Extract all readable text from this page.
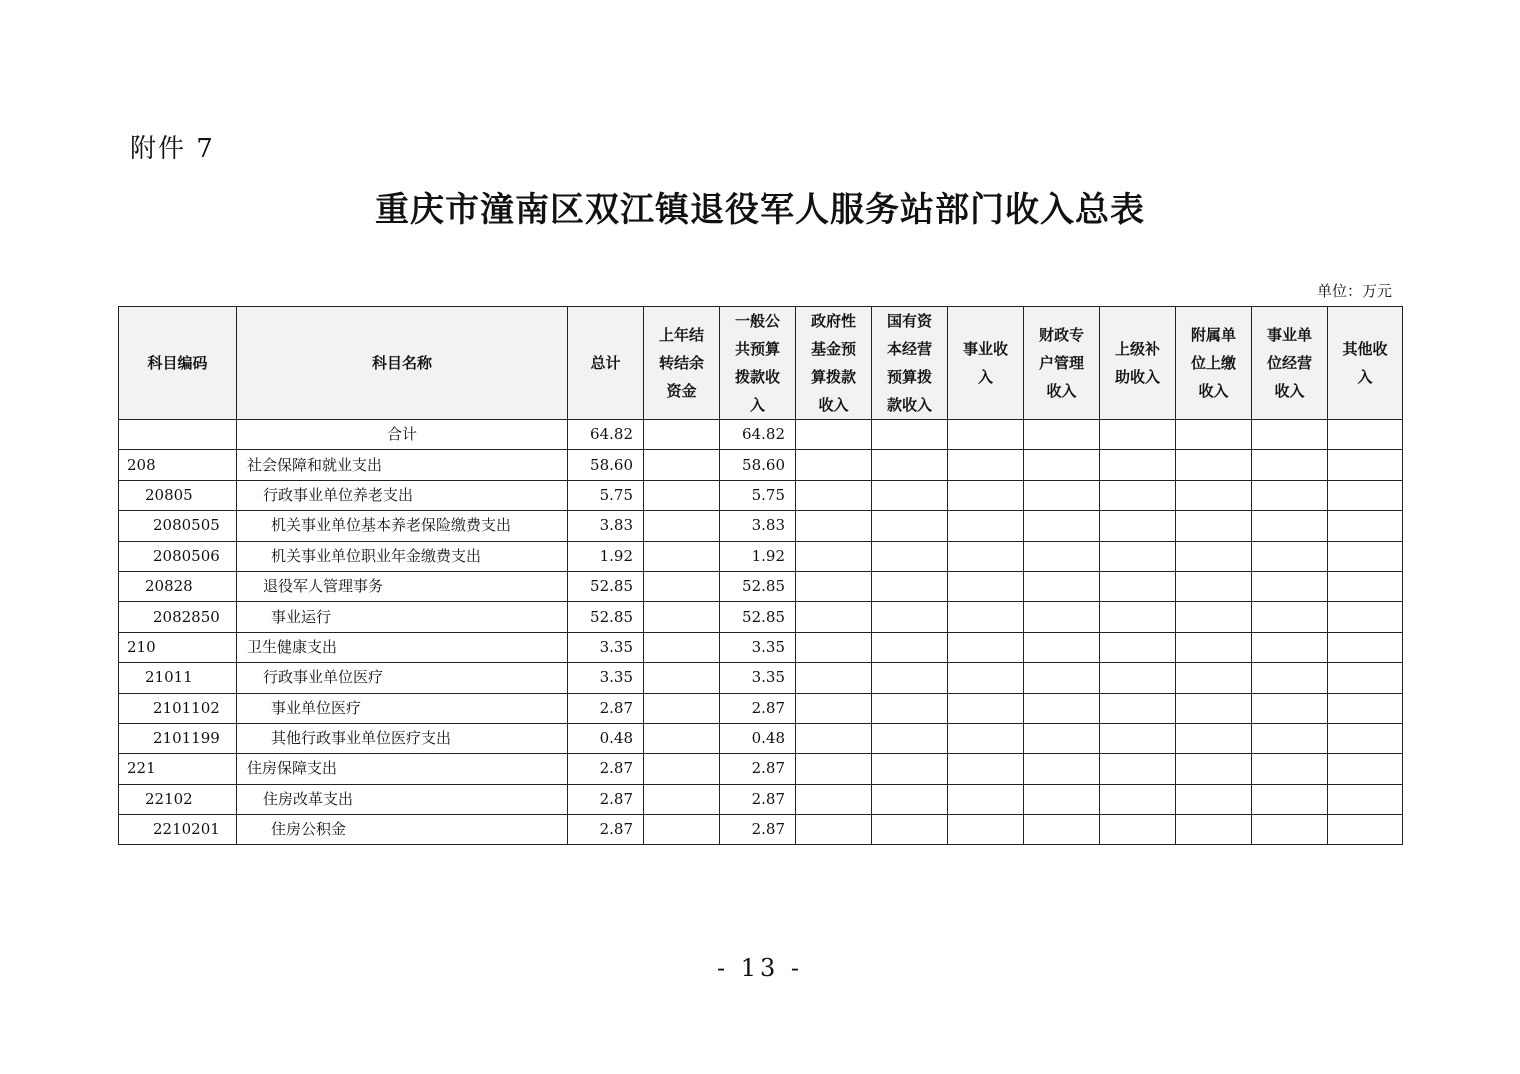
附件 7
重庆市潼南区双江镇退役军人服务站部门收入总表
单位：万元
科目编码	科目名称	总计	上年结
转结余
资金	一般公
共预算
拨款收
入	政府性
基金预
算拨款
收入	国有资
本经营
预算拨
款收入	事业收
入	财政专
户管理
收入	上级补
助收入	附属单
位上缴
收入	事业单
位经营
收入	其他收
入
	合计	64.82		64.82								
208	社会保障和就业支出	58.60		58.60								
20805	行政事业单位养老支出	5.75		5.75								
2080505	机关事业单位基本养老保险缴费支出	3.83		3.83								
2080506	机关事业单位职业年金缴费支出	1.92		1.92								
20828	退役军人管理事务	52.85		52.85								
2082850	事业运行	52.85		52.85								
210	卫生健康支出	3.35		3.35								
21011	行政事业单位医疗	3.35		3.35								
2101102	事业单位医疗	2.87		2.87								
2101199	其他行政事业单位医疗支出	0.48		0.48								
221	住房保障支出	2.87		2.87								
22102	住房改革支出	2.87		2.87								
2210201	住房公积金	2.87		2.87								
- 13 -
